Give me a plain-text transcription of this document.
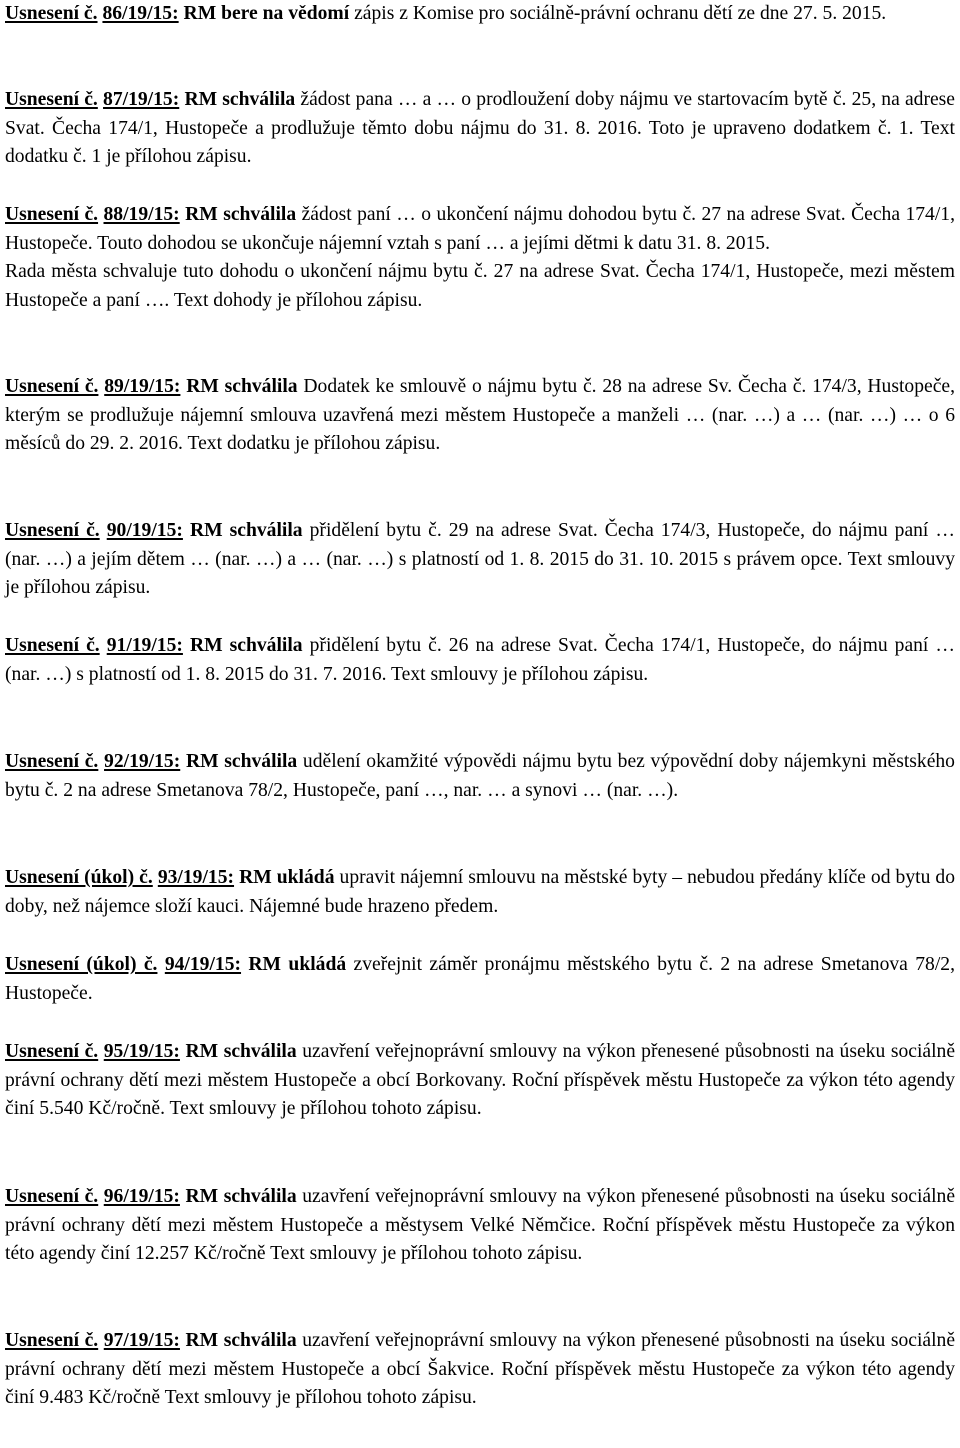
Usnesení č. 86/19/15: RM bere na vědomí zápis z Komise pro sociálně-právní ochranu dětí ze dne 27. 5. 2015.

Usnesení č. 87/19/15: RM schválila žádost pana … a … o prodloužení doby nájmu ve startovacím bytě č. 25, na adrese Svat. Čecha 174/1, Hustopeče a prodlužuje těmto dobu nájmu do 31. 8. 2016. Toto je upraveno dodatkem č. 1. Text dodatku č. 1 je přílohou zápisu.

Usnesení č. 88/19/15: RM schválila žádost paní … o ukončení nájmu dohodou bytu č. 27 na adrese Svat. Čecha 174/1, Hustopeče. Touto dohodou se ukončuje nájemní vztah s paní … a jejími dětmi k datu 31. 8. 2015.
Rada města schvaluje tuto dohodu o ukončení nájmu bytu č. 27 na adrese Svat. Čecha 174/1, Hustopeče, mezi městem Hustopeče a paní …. Text dohody je přílohou zápisu.

Usnesení č. 89/19/15: RM schválila Dodatek ke smlouvě o nájmu bytu č. 28 na adrese Sv. Čecha č. 174/3, Hustopeče, kterým se prodlužuje nájemní smlouva uzavřená mezi městem Hustopeče a manželi … (nar. …) a … (nar. …) … o 6 měsíců do 29. 2. 2016. Text dodatku je přílohou zápisu.

Usnesení č. 90/19/15: RM schválila přidělení bytu č. 29 na adrese Svat. Čecha 174/3, Hustopeče, do nájmu paní … (nar. …) a jejím dětem … (nar. …) a … (nar. …) s platností od 1. 8. 2015 do 31. 10. 2015 s právem opce. Text smlouvy je přílohou zápisu.

Usnesení č. 91/19/15: RM schválila přidělení bytu č. 26 na adrese Svat. Čecha 174/1, Hustopeče, do nájmu paní … (nar. …) s platností od 1. 8. 2015 do 31. 7. 2016. Text smlouvy je přílohou zápisu.

Usnesení č. 92/19/15: RM schválila udělení okamžité výpovědi nájmu bytu bez výpovědní doby nájemkyni městského bytu č. 2 na adrese Smetanova 78/2, Hustopeče, paní …, nar. … a synovi … (nar. …).

Usnesení (úkol) č. 93/19/15: RM ukládá upravit nájemní smlouvu na městské byty – nebudou předány klíče od bytu do doby, než nájemce složí kauci. Nájemné bude hrazeno předem.

Usnesení (úkol) č. 94/19/15: RM ukládá zveřejnit záměr pronájmu městského bytu č. 2 na adrese Smetanova 78/2, Hustopeče.

Usnesení č. 95/19/15: RM schválila uzavření veřejnoprávní smlouvy na výkon přenesené působnosti na úseku sociálně právní ochrany dětí mezi městem Hustopeče a obcí Borkovany. Roční příspěvek městu Hustopeče za výkon této agendy činí 5.540 Kč/ročně. Text smlouvy je přílohou tohoto zápisu.

Usnesení č. 96/19/15: RM schválila uzavření veřejnoprávní smlouvy na výkon přenesené působnosti na úseku sociálně právní ochrany dětí mezi městem Hustopeče a městysem Velké Němčice. Roční příspěvek městu Hustopeče za výkon této agendy činí 12.257 Kč/ročně Text smlouvy je přílohou tohoto zápisu.

Usnesení č. 97/19/15: RM schválila uzavření veřejnoprávní smlouvy na výkon přenesené působnosti na úseku sociálně právní ochrany dětí mezi městem Hustopeče a obcí Šakvice. Roční příspěvek městu Hustopeče za výkon této agendy činí 9.483 Kč/ročně Text smlouvy je přílohou tohoto zápisu.
